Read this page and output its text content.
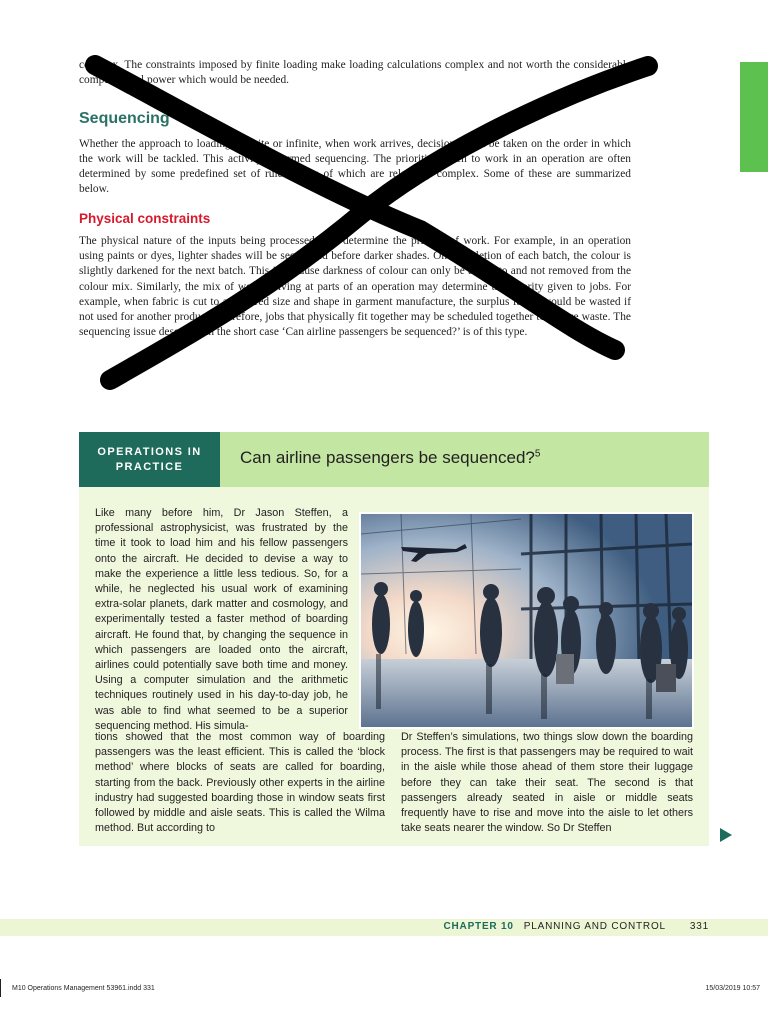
complex. The constraints imposed by finite loading make loading calculations complex and not worth the considerable computational power which would be needed.
Sequencing
Whether the approach to loading is finite or infinite, when work arrives, decisions must be taken on the order in which the work will be tackled. This activity is termed sequencing. The priorities given to work in an operation are often determined by some predefined set of rules, some of which are relatively complex. Some of these are summarized below.
Physical constraints
The physical nature of the inputs being processed may determine the priority of work. For example, in an operation using paints or dyes, lighter shades will be sequenced before darker shades. On completion of each batch, the colour is slightly darkened for the next batch. This is because darkness of colour can only be added to and not removed from the colour mix. Similarly, the mix of work arriving at parts of an operation may determine the priority given to jobs. For example, when fabric is cut to a required size and shape in garment manufacture, the surplus fabric would be wasted if not used for another product. Therefore, jobs that physically fit together may be scheduled together to reduce waste. The sequencing issue described in the short case ‘Can airline passengers be sequenced?’ is of this type.
OPERATIONS IN PRACTICE	Can airline passengers be sequenced?$^5$
Like many before him, Dr Jason Steffen, a professional astrophysicist, was frustrated by the time it took to load him and his fellow passengers onto the aircraft. He decided to devise a way to make the experience a little less tedious. So, for a while, he neglected his usual work of examining extra-solar planets, dark matter and cosmology, and experimentally tested a faster method of boarding aircraft. He found that, by changing the sequence in which passengers are loaded onto the aircraft, airlines could potentially save both time and money. Using a computer simulation and the arithmetic techniques routinely used in his day-to-day job, he was able to find what seemed to be a superior sequencing method. His simula-
tions showed that the most common way of boarding passengers was the least efficient. This is called the ‘block method’ where blocks of seats are called for boarding, starting from the back. Previously other experts in the airline industry had suggested boarding those in window seats first followed by middle and aisle seats. This is called the Wilma method. But according to
Dr Steffen’s simulations, two things slow down the boarding process. The first is that passengers may be required to wait in the aisle while those ahead of them store their luggage before they can take their seat. The second is that passengers already seated in aisle or middle seats frequently have to rise and move into the aisle to let others take seats nearer the window. So Dr Steffen
CHAPTER 10 PLANNING AND CONTROL 331
M10 Operations Management 53961.indd 331	15/03/2019 10:57
